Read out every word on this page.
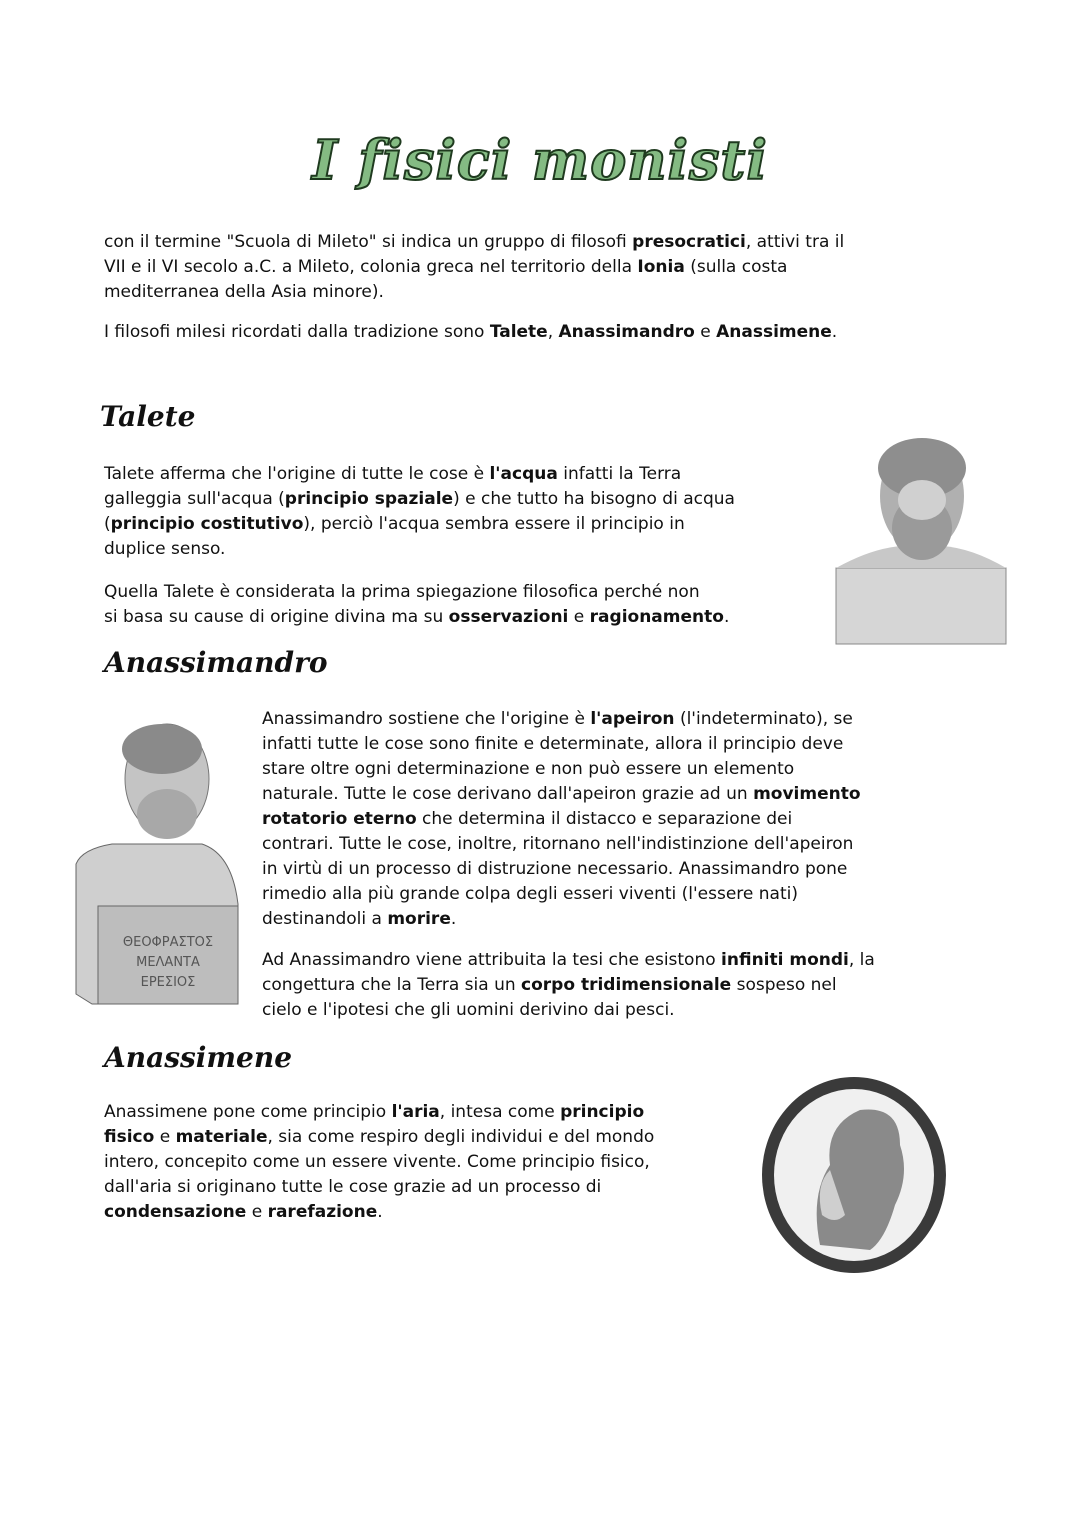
I fisici monisti
con il termine "Scuola di Mileto" si indica un gruppo di filosofi presocratici, attivi tra il
VII e il VI secolo a.C. a Mileto, colonia greca nel territorio della Ionia (sulla costa
mediterranea della Asia minore).
I filosofi milesi ricordati dalla tradizione sono Talete, Anassimandro e Anassimene.
Talete
Talete afferma che l'origine di tutte le cose è l'acqua infatti la Terra
galleggia sull'acqua (principio spaziale) e che tutto ha bisogno di acqua
(principio costitutivo), perciò l'acqua sembra essere il principio in
duplice senso.
Quella Talete è considerata la prima spiegazione filosofica perché non
si basa su cause di origine divina ma su osservazioni e ragionamento.
Anassimandro
ΘΕΟΦΡΑΣΤΟΣ
ΜΕΛΑΝΤΑ
ΕΡΕΣΙΟΣ
Anassimandro sostiene che l'origine è l'apeiron (l'indeterminato), se
infatti tutte le cose sono finite e determinate, allora il principio deve
stare oltre ogni determinazione e non può essere un elemento
naturale. Tutte le cose derivano dall'apeiron grazie ad un movimento
rotatorio eterno che determina il distacco e separazione dei
contrari. Tutte le cose, inoltre, ritornano nell'indistinzione dell'apeiron
in virtù di un processo di distruzione necessario. Anassimandro pone
rimedio alla più grande colpa degli esseri viventi (l'essere nati)
destinandoli a morire.
Ad Anassimandro viene attribuita la tesi che esistono infiniti mondi, la
congettura che la Terra sia un corpo tridimensionale sospeso nel
cielo e l'ipotesi che gli uomini derivino dai pesci.
Anassimene
Anassimene pone come principio l'aria, intesa come principio
fisico e materiale, sia come respiro degli individui e del mondo
intero, concepito come un essere vivente. Come principio fisico,
dall'aria si originano tutte le cose grazie ad un processo di
condensazione e rarefazione.
